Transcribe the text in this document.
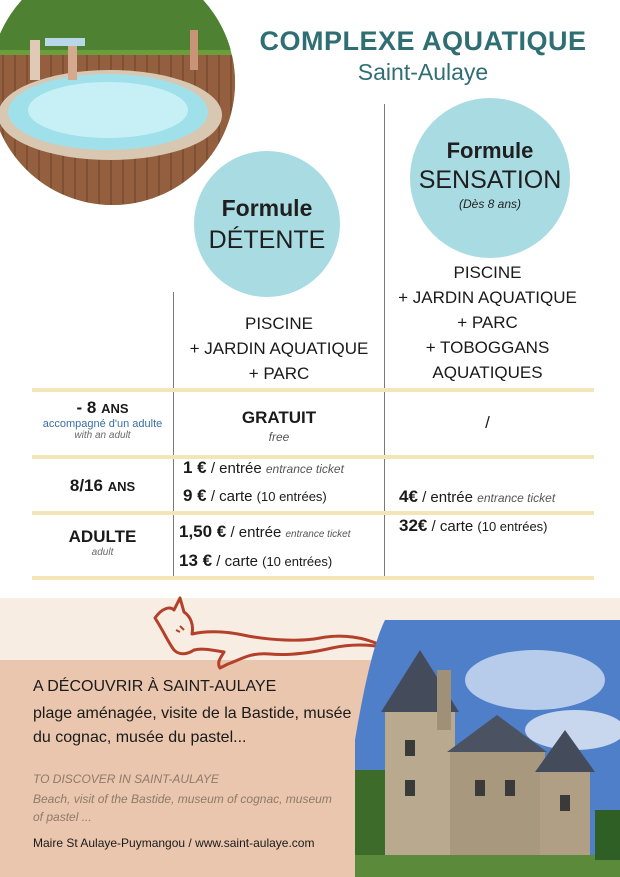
COMPLEXE AQUATIQUE
Saint-Aulaye
Formule
SENSATION
(Dès 8 ans)
Formule
DÉTENTE
PISCINE
+ JARDIN AQUATIQUE
+ PARC
+ TOBOGGANS
AQUATIQUES
PISCINE
+ JARDIN AQUATIQUE
+ PARC
- 8 ANS
accompagné d'un adulte
with an adult
GRATUIT
free
/
8/16 ANS
1 € / entrée entrance ticket
9 € / carte (10 entrées)
ADULTE
adult
1,50 € / entrée entrance ticket
13 € / carte (10 entrées)
4€ / entrée entrance ticket
32€ / carte (10 entrées)
A DÉCOUVRIR À SAINT-AULAYE
plage aménagée, visite de la Bastide, musée du cognac, musée du pastel...
TO DISCOVER IN SAINT-AULAYE
Beach, visit of the Bastide, museum of cognac, museum of pastel ...
Maire St Aulaye-Puymangou / www.saint-aulaye.com
